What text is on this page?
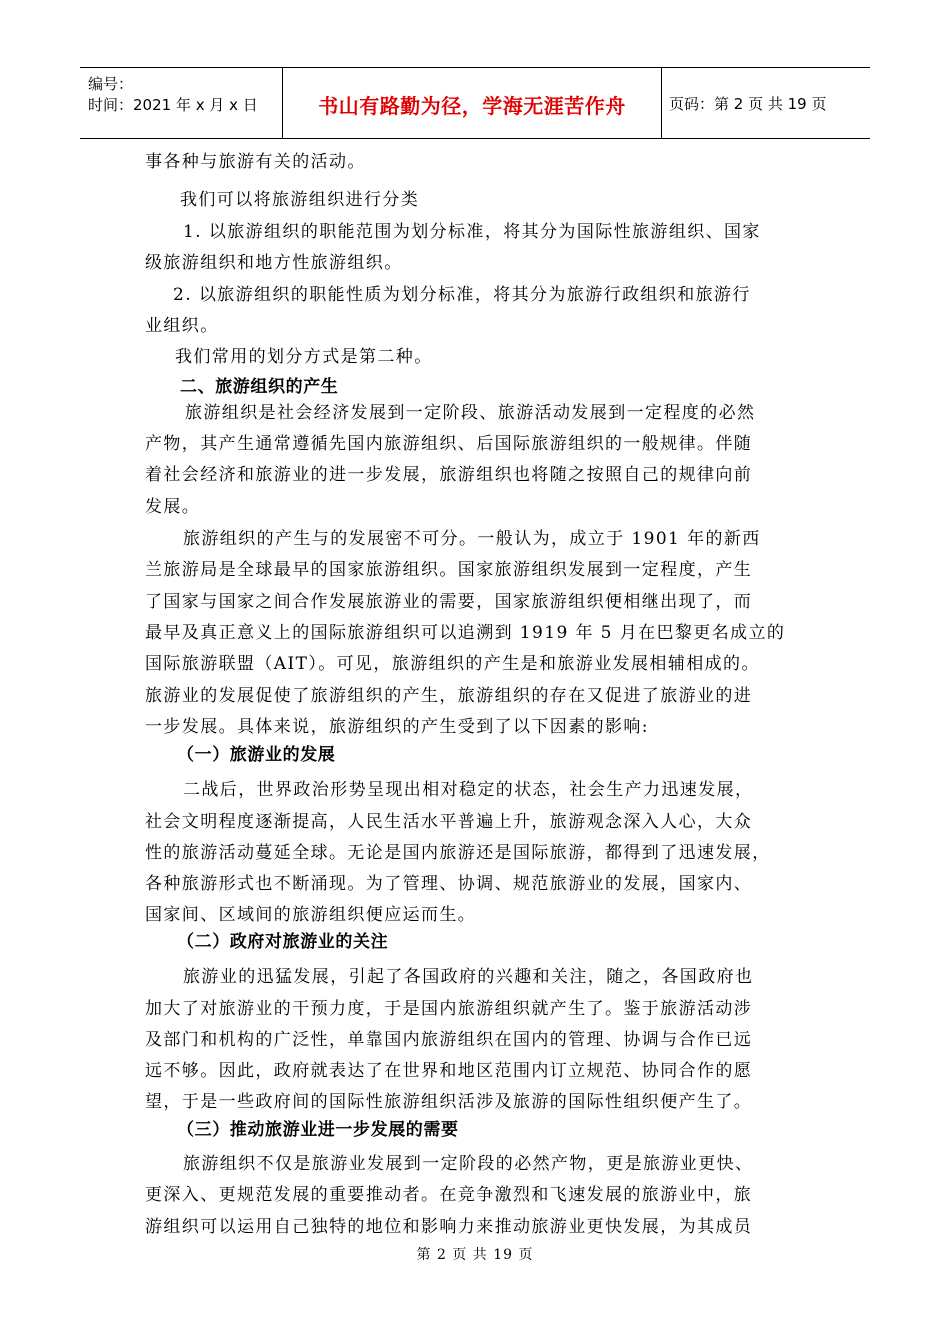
编号：
时间：2021 年 x 月 x 日	书山有路勤为径，学海无涯苦作舟	页码：第 2 页 共 19 页
事各种与旅游有关的活动。
我们可以将旅游组织进行分类
1. 以旅游组织的职能范围为划分标准，将其分为国际性旅游组织、国家
级旅游组织和地方性旅游组织。
2. 以旅游组织的职能性质为划分标准，将其分为旅游行政组织和旅游行
业组织。
我们常用的划分方式是第二种。
二、旅游组织的产生
旅游组织是社会经济发展到一定阶段、旅游活动发展到一定程度的必然
产物，其产生通常遵循先国内旅游组织、后国际旅游组织的一般规律。伴随
着社会经济和旅游业的进一步发展，旅游组织也将随之按照自己的规律向前
发展。
旅游组织的产生与的发展密不可分。一般认为，成立于 1901 年的新西
兰旅游局是全球最早的国家旅游组织。国家旅游组织发展到一定程度，产生
了国家与国家之间合作发展旅游业的需要，国家旅游组织便相继出现了，而
最早及真正意义上的国际旅游组织可以追溯到 1919 年 5 月在巴黎更名成立的
国际旅游联盟（AIT）。可见，旅游组织的产生是和旅游业发展相辅相成的。
旅游业的发展促使了旅游组织的产生，旅游组织的存在又促进了旅游业的进
一步发展。具体来说，旅游组织的产生受到了以下因素的影响:
（一）旅游业的发展
二战后，世界政治形势呈现出相对稳定的状态，社会生产力迅速发展，
社会文明程度逐渐提高，人民生活水平普遍上升，旅游观念深入人心，大众
性的旅游活动蔓延全球。无论是国内旅游还是国际旅游，都得到了迅速发展，
各种旅游形式也不断涌现。为了管理、协调、规范旅游业的发展，国家内、
国家间、区域间的旅游组织便应运而生。
（二）政府对旅游业的关注
旅游业的迅猛发展，引起了各国政府的兴趣和关注，随之，各国政府也
加大了对旅游业的干预力度，于是国内旅游组织就产生了。鉴于旅游活动涉
及部门和机构的广泛性，单靠国内旅游组织在国内的管理、协调与合作已远
远不够。因此，政府就表达了在世界和地区范围内订立规范、协同合作的愿
望，于是一些政府间的国际性旅游组织活涉及旅游的国际性组织便产生了。
（三）推动旅游业进一步发展的需要
旅游组织不仅是旅游业发展到一定阶段的必然产物，更是旅游业更快、
更深入、更规范发展的重要推动者。在竞争激烈和飞速发展的旅游业中，旅
游组织可以运用自己独特的地位和影响力来推动旅游业更快发展，为其成员
第 2 页 共 19 页
